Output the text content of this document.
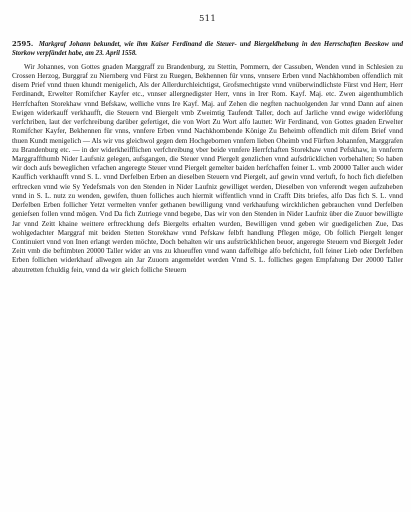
511

2595. Markgraf Johann bekundet, wie ihm Kaiser Ferdinand die Steuer- und Biergeldhebung in den Herrschaften Beeskow und Storkow verpfändet habe, am 23. April 1558.

Wir Johannes, von Gottes gnaden Marggraff zu Brandenburg, zu Stettin, Pommern, der Cassuben, Wenden vnnd in Schlesien zu Crossen Herzog, Burggraf zu Niernberg vnd Fürst zu Ruegen, Bekhennen für vnns, vnnsere Erben vnnd Nachkhomben offendlich mit disem Prief vnnd thuen khundt menigelich, Als der Allerdurchleichtigst, Grofsmechtigste vnnd vnüberwindlichste Fürst vnd Herr, Herr Ferdinandt, Erwelter Romifcher Kayfer etc., vnnser allergnedigster Herr, vnns in Irer Rom. Kayf. Maj. etc. Zwen aigenthumblich Herrfchaften Storekhaw vnnd Befskaw, welliche vnns Ire Kayf. Maj. auf Zehen die negften nachuolgenden Jar vnnd Dann auf ainen Ewigen widerkauff verkhaufft, die Steuern vnd Biergelt vmb Zweimtig Taufendt Taller, doch auf Jarliche vnnd ewige widerlöfung verfchriben, laut der verfchreibung darüber gefertiget, die von Wort Zu Wort alfo lauttet: Wir Ferdinand, von Gottes gnaden Erwelter Romifcher Kayfer, Bekhennen für vnns, vnnfere Erben vnnd Nachkhombende Könige Zu Beheimb offendlich mit difem Brief vnnd thuen Kundt menigelich — Als wir vns gleichwol gegen dem Hochgebornen vnnfern lieben Oheimb vnd Fürften Johannfen, Marggrafen zu Brandenburg etc. — in der widerkheifflichen verfchreibung vber beide vnnfere Herrfchaften Storekhaw vnnd Pefskhaw, in vnnferm Marggraffthumb Nider Laufsniz gelegen, aufsgangen, die Steuer vnnd Piergelt genzlichen vnnd aufsdrücklichen vorbehalten; So haben wir doch aufs beweglichen vrfachen angeregte Steuer vnnd Piergelt gemelter baiden herfchaffen feiner L. vmb 20000 Taller auch wider Kauffich verkhaufft vnnd S. L. vnnd Derfelben Erben an dieselben Steuern vnd Piergelt, auf gewin vnnd verluft, fo hoch fich diefelben erftrecken vnnd wie Sy Yedefsmals von den Stenden in Nider Laufniz gewilliget werden, Dieselben von vnferendt wegen aufzuheben vnnd in S. L. nutz zu wenden, gewifen, thuen folliches auch hiermit wiffentlich vnnd in Crafft Dits briefes, alfo Das fich S. L. vnnd Derfelben Erben follicher Yetzt vermelten vnnfer gethanen bewilligung vnnd verkhaufung wirckhlichen gebrauchen vnnd Derfelben geniefsen follen vnnd mögen. Vnd Da fich Zutriege vnnd begebe, Das wir von den Stenden in Nider Laufniz über die Zuuor bewilligte Jar vnnd Zeitt khaine weittere erftreckhung defs Biergelts erhalten wurden, Bewilligen vnnd geben wir guedigelichen Zue, Das wohlgedachter Marggraf mit beiden Stetten Storekhaw vnnd Pefskaw felbft handlung Pflegen möge, Ob follich Piergelt lenger Continuiert vnnd von Inen erlangt werden möchte, Doch behalten wir uns aufstrückhlichen beuor, angeregte Steuern vnd Biergelt Jeder Zeitt vmb die beftimbten 20000 Taller wider an vns zu khueuffen vnnd wann daffelbige alfo befchicht, foll feiner Lieb oder Derfelben Erben follichen widerkhauf allwegen ain Jar Zuuorn angemeldet werden Vnnd S. L. folliches gegen Empfahung Der 20000 Taller abzutretten fchuldig fein, vnnd da wir gleich folliche Steuern
